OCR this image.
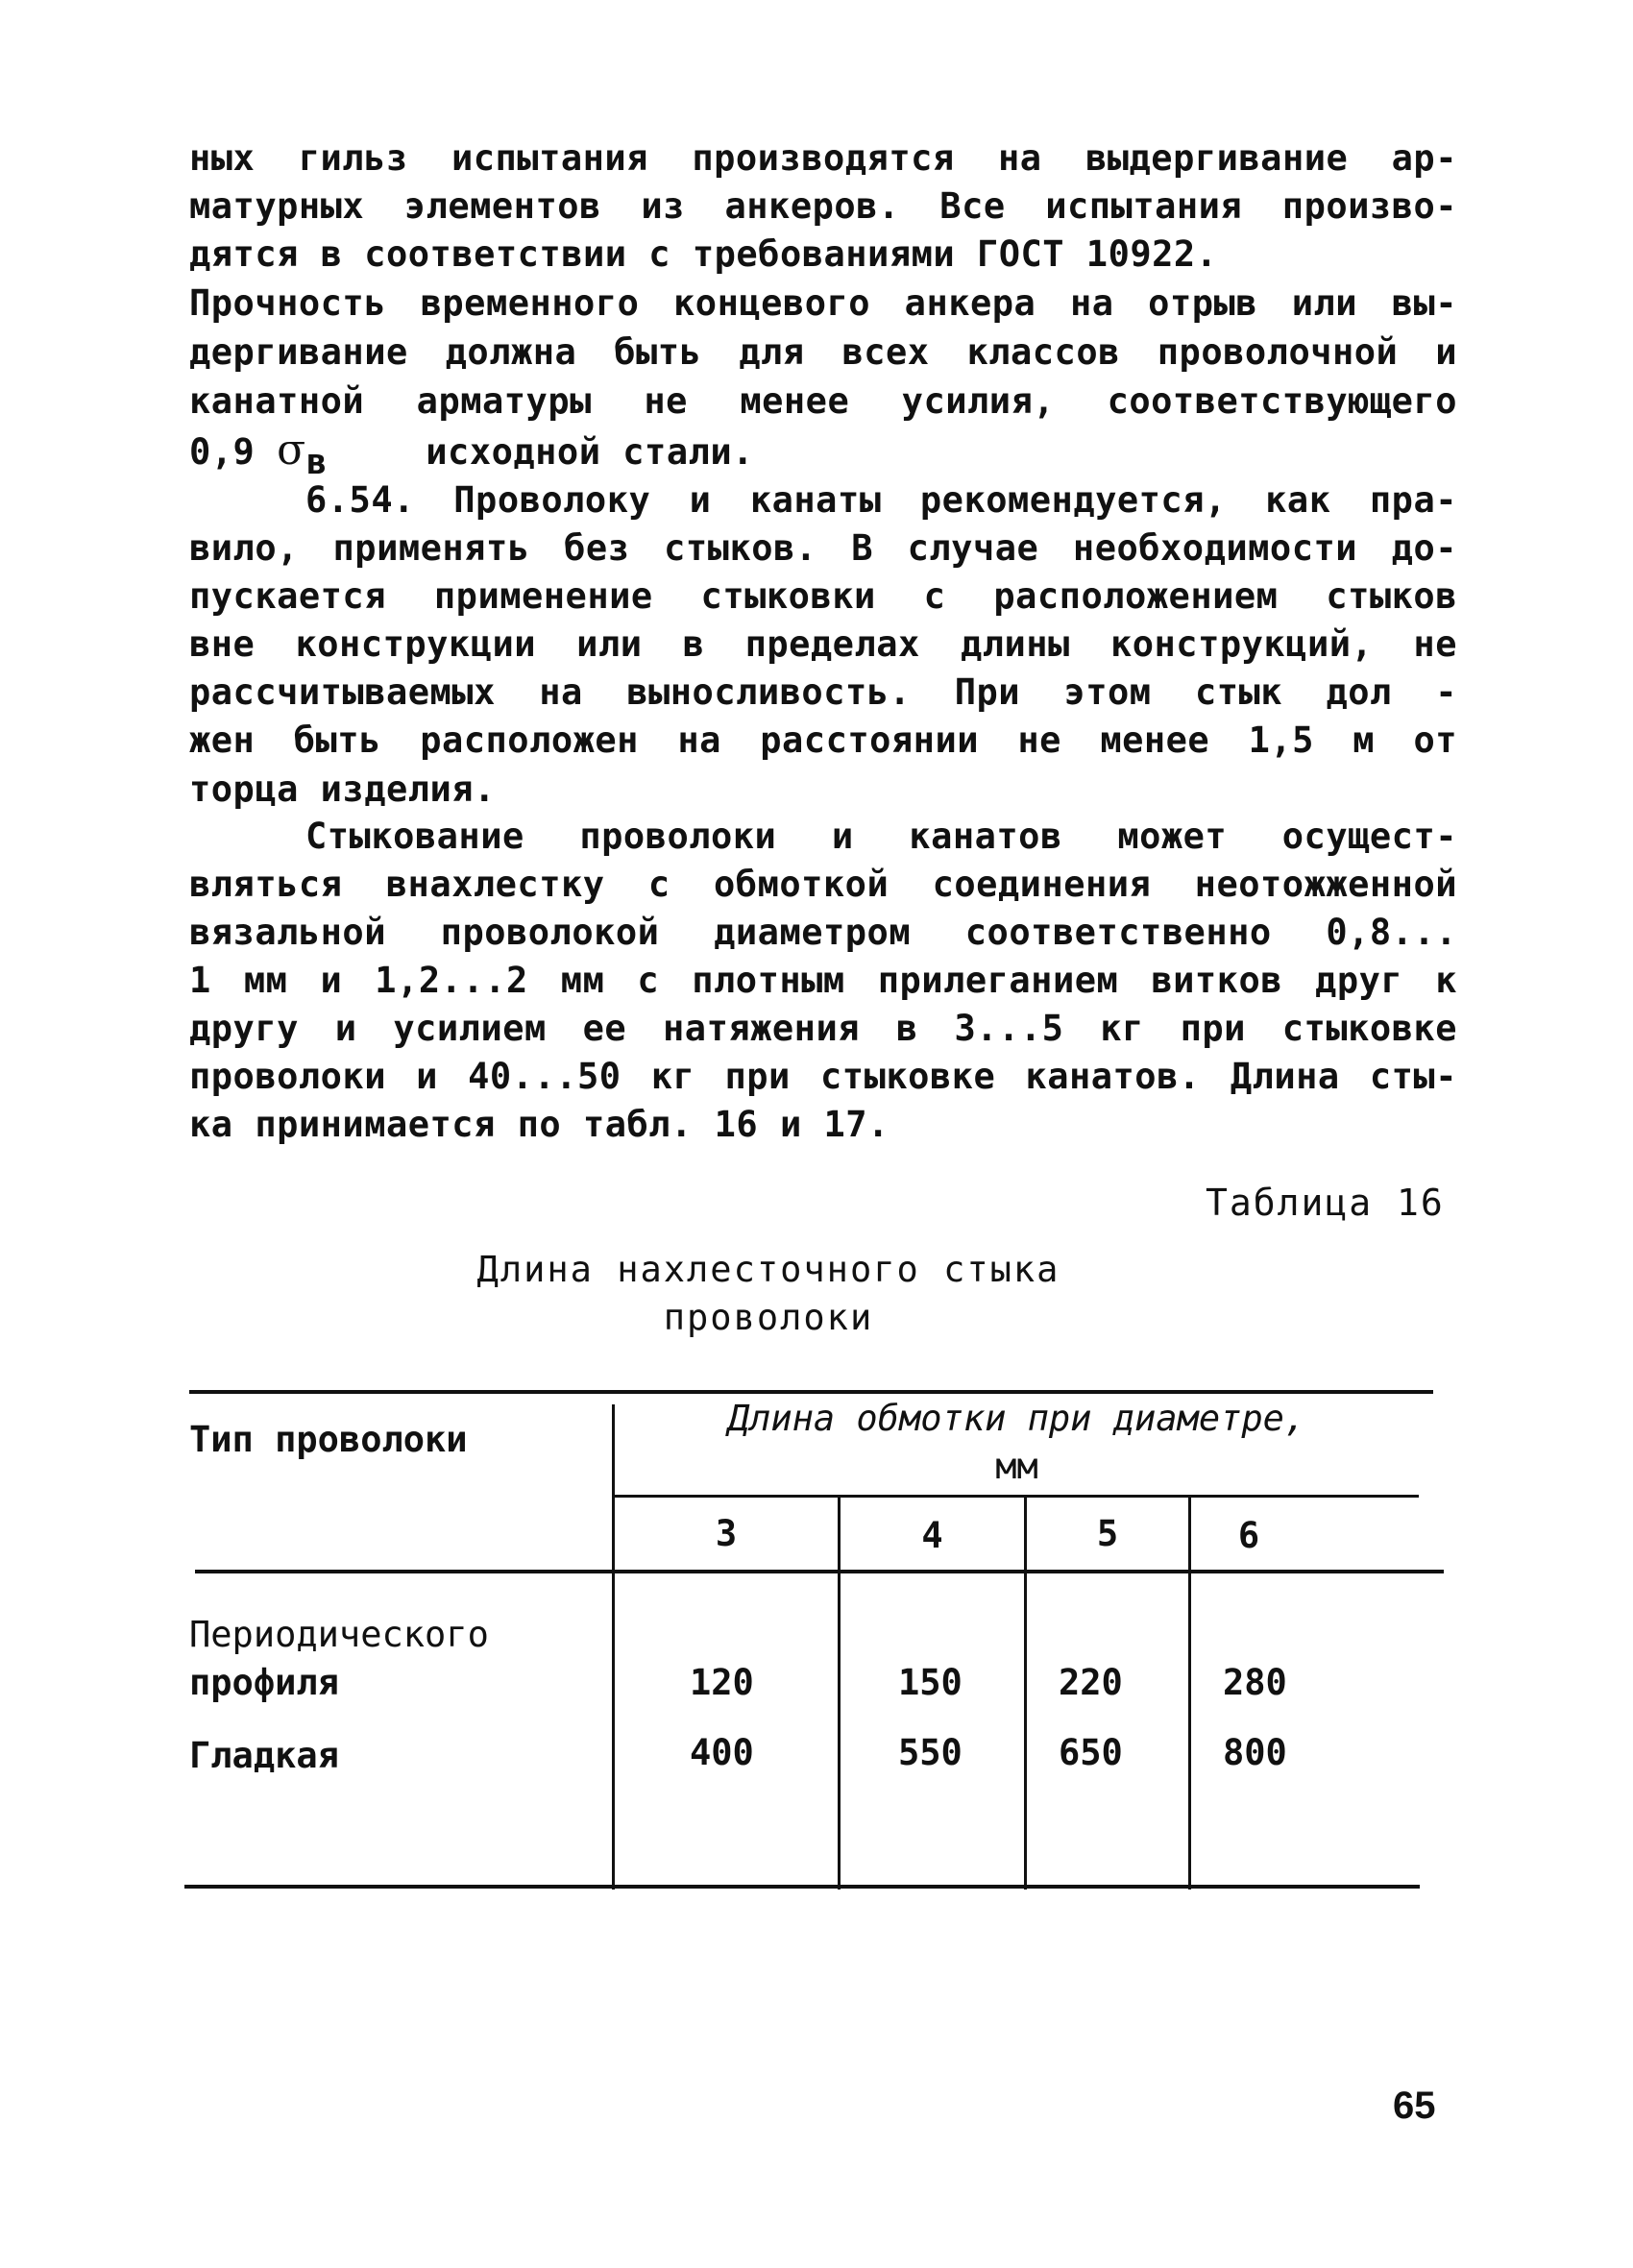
ных гильз испытания производятся на выдергивание ар-
матурных элементов из анкеров. Все испытания произво-
дятся в соответствии с требованиями ГОСТ 10922.
Прочность временного концевого анкера на отрыв или вы-
дергивание должна быть для всех классов проволочной и
канатной арматуры не менее усилия, соответствующего
0,9 $\sigma_В$	исходной стали.
6.54. Проволоку и канаты рекомендуется, как пра-
вило, применять без стыков. В случае необходимости до-
пускается применение стыковки с расположением стыков
вне конструкции или в пределах длины конструкций, не
рассчитываемых на выносливость. При этом стык дол -
жен быть расположен на расстоянии не менее 1,5 м от
торца изделия.
Стыкование проволоки и канатов может осущест-
вляться внахлестку с обмоткой соединения неотожженной
вязальной проволокой диаметром соответственно 0,8...
1 мм и 1,2...2 мм с плотным прилеганием витков друг к
другу и усилием ее натяжения в 3...5 кг при стыковке
проволоки и 40...50 кг при стыковке канатов. Длина сты-
ка принимается по табл. 16 и 17.
Таблица 16
Длина нахлесточного стыка
проволоки
Тип проволоки
Длина обмотки при диаметре,
мм
3	4	5	6
Периодического
профиля	120	150	220	280
Гладкая	400	550	650	800
65
